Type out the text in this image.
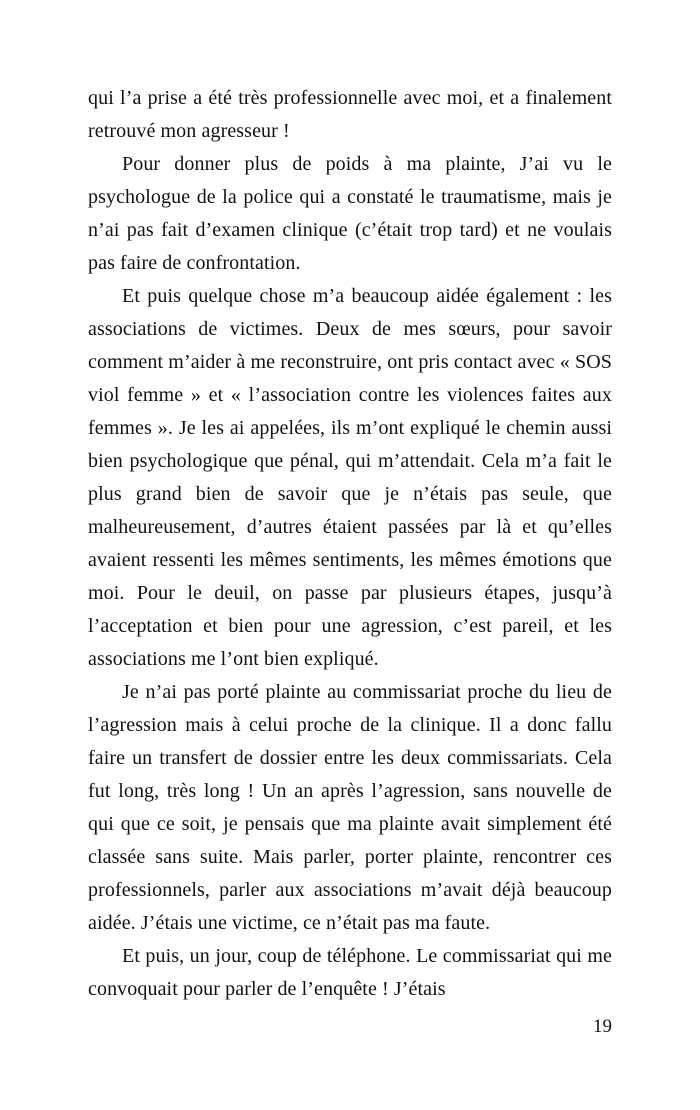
qui l’a prise a été très professionnelle avec moi, et a finalement retrouvé mon agresseur !

Pour donner plus de poids à ma plainte, J’ai vu le psychologue de la police qui a constaté le traumatisme, mais je n’ai pas fait d’examen clinique (c’était trop tard) et ne voulais pas faire de confrontation.

Et puis quelque chose m’a beaucoup aidée également : les associations de victimes. Deux de mes sœurs, pour savoir comment m’aider à me reconstruire, ont pris contact avec « SOS viol femme » et « l’association contre les violences faites aux femmes ». Je les ai appelées, ils m’ont expliqué le chemin aussi bien psychologique que pénal, qui m’attendait. Cela m’a fait le plus grand bien de savoir que je n’étais pas seule, que malheureusement, d’autres étaient passées par là et qu’elles avaient ressenti les mêmes sentiments, les mêmes émotions que moi. Pour le deuil, on passe par plusieurs étapes, jusqu’à l’acceptation et bien pour une agression, c’est pareil, et les associations me l’ont bien expliqué.

Je n’ai pas porté plainte au commissariat proche du lieu de l’agression mais à celui proche de la clinique. Il a donc fallu faire un transfert de dossier entre les deux commissariats. Cela fut long, très long ! Un an après l’agression, sans nouvelle de qui que ce soit, je pensais que ma plainte avait simplement été classée sans suite. Mais parler, porter plainte, rencontrer ces professionnels, parler aux associations m’avait déjà beaucoup aidée. J’étais une victime, ce n’était pas ma faute.

Et puis, un jour, coup de téléphone. Le commissariat qui me convoquait pour parler de l’enquête ! J’étais

19
